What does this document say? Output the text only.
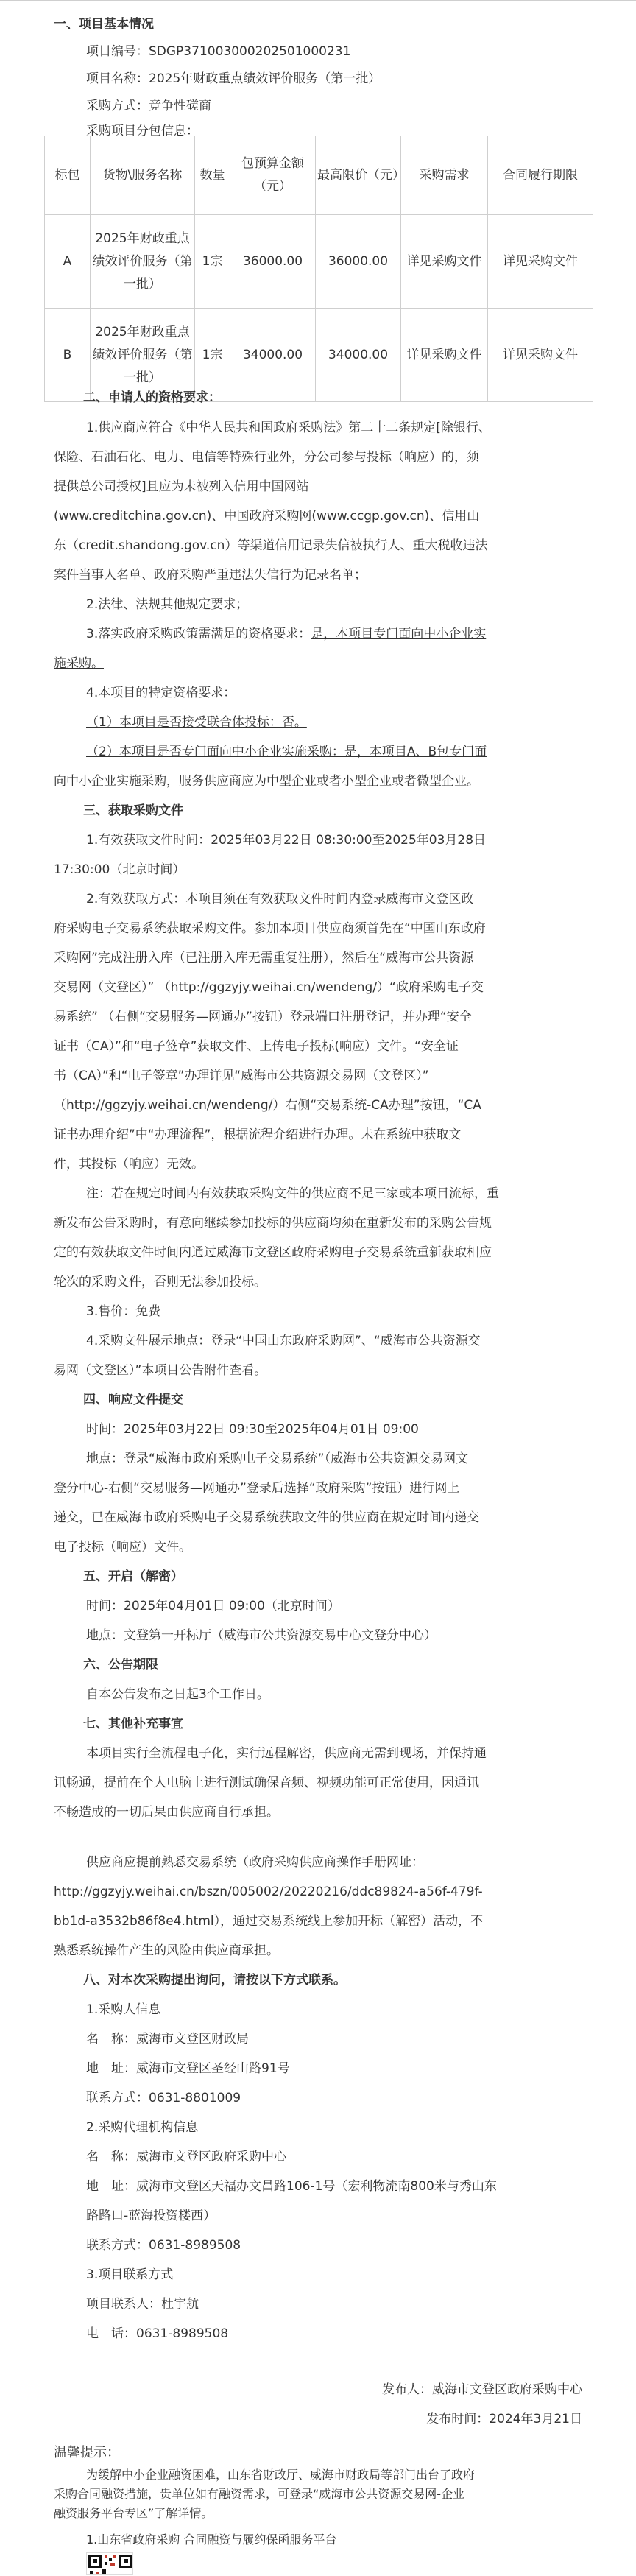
一、项目基本情况
项目编号：SDGP371003000202501000231
项目名称：2025年财政重点绩效评价服务（第一批）
采购方式：竞争性磋商
采购项目分包信息：
标包	货物\服务名称	数量	包预算金额（元）	最高限价（元）	采购需求	合同履行期限
A	2025年财政重点绩效评价服务（第一批）	1宗	36000.00	36000.00	详见采购文件	详见采购文件
B	2025年财政重点绩效评价服务（第一批）	1宗	34000.00	34000.00	详见采购文件	详见采购文件
二、申请人的资格要求：
1.供应商应符合《中华人民共和国政府采购法》第二十二条规定[除银行、
保险、石油石化、电力、电信等特殊行业外，分公司参与投标（响应）的，须
提供总公司授权]且应为未被列入信用中国网站
(www.creditchina.gov.cn)、中国政府采购网(www.ccgp.gov.cn)、信用山
东（credit.shandong.gov.cn）等渠道信用记录失信被执行人、重大税收违法
案件当事人名单、政府采购严重违法失信行为记录名单；
2.法律、法规其他规定要求；
3.落实政府采购政策需满足的资格要求：是，本项目专门面向中小企业实
施采购。
4.本项目的特定资格要求：
（1）本项目是否接受联合体投标：否。
（2）本项目是否专门面向中小企业实施采购：是，本项目A、B包专门面
向中小企业实施采购，服务供应商应为中型企业或者小型企业或者微型企业。
三、获取采购文件
1.有效获取文件时间：2025年03月22日 08:30:00至2025年03月28日
17:30:00（北京时间）
2.有效获取方式：本项目须在有效获取文件时间内登录威海市文登区政
府采购电子交易系统获取采购文件。参加本项目供应商须首先在“中国山东政府
采购网”完成注册入库（已注册入库无需重复注册），然后在“威海市公共资源
交易网（文登区）” （http://ggzyjy.weihai.cn/wendeng/）“政府采购电子交
易系统” （右侧“交易服务—网通办”按钮）登录端口注册登记，并办理“安全
证书（CA）”和“电子签章”获取文件、上传电子投标(响应）文件。“安全证
书（CA）”和“电子签章”办理详见“威海市公共资源交易网（文登区）”
（http://ggzyjy.weihai.cn/wendeng/）右侧“交易系统-CA办理”按钮，“CA
证书办理介绍”中“办理流程”，根据流程介绍进行办理。未在系统中获取文
件，其投标（响应）无效。
注：若在规定时间内有效获取采购文件的供应商不足三家或本项目流标，重
新发布公告采购时，有意向继续参加投标的供应商均须在重新发布的采购公告规
定的有效获取文件时间内通过威海市文登区政府采购电子交易系统重新获取相应
轮次的采购文件，否则无法参加投标。
3.售价：免费
4.采购文件展示地点：登录“中国山东政府采购网”、“威海市公共资源交
易网（文登区）”本项目公告附件查看。
四、响应文件提交
时间：2025年03月22日 09:30至2025年04月01日 09:00
地点：登录“威海市政府采购电子交易系统”（威海市公共资源交易网文
登分中心-右侧“交易服务—网通办”登录后选择“政府采购”按钮）进行网上
递交，已在威海市政府采购电子交易系统获取文件的供应商在规定时间内递交
电子投标（响应）文件。
五、开启（解密）
时间：2025年04月01日 09:00（北京时间）
地点：文登第一开标厅（威海市公共资源交易中心文登分中心）
六、公告期限
自本公告发布之日起3个工作日。
七、其他补充事宜
本项目实行全流程电子化，实行远程解密，供应商无需到现场，并保持通
讯畅通，提前在个人电脑上进行测试确保音频、视频功能可正常使用，因通讯
不畅造成的一切后果由供应商自行承担。
供应商应提前熟悉交易系统（政府采购供应商操作手册网址：
http://ggzyjy.weihai.cn/bszn/005002/20220216/ddc89824-a56f-479f-
bb1d-a3532b86f8e4.html），通过交易系统线上参加开标（解密）活动，不
熟悉系统操作产生的风险由供应商承担。
八、对本次采购提出询问，请按以下方式联系。
1.采购人信息
名　称：威海市文登区财政局
地　址：威海市文登区圣经山路91号
联系方式：0631-8801009
2.采购代理机构信息
名　称：威海市文登区政府采购中心
地　址：威海市文登区天福办文昌路106-1号（宏利物流南800米与秀山东
路路口-蓝海投资楼西）
联系方式：0631-8989508
3.项目联系方式
项目联系人：杜宇航
电　话：0631-8989508
发布人：威海市文登区政府采购中心
发布时间：2024年3月21日
温馨提示：
为缓解中小企业融资困难，山东省财政厅、威海市财政局等部门出台了政府
采购合同融资措施，贵单位如有融资需求，可登录“威海市公共资源交易网-企业
融资服务平台专区”了解详情。
1.山东省政府采购 合同融资与履约保函服务平台
